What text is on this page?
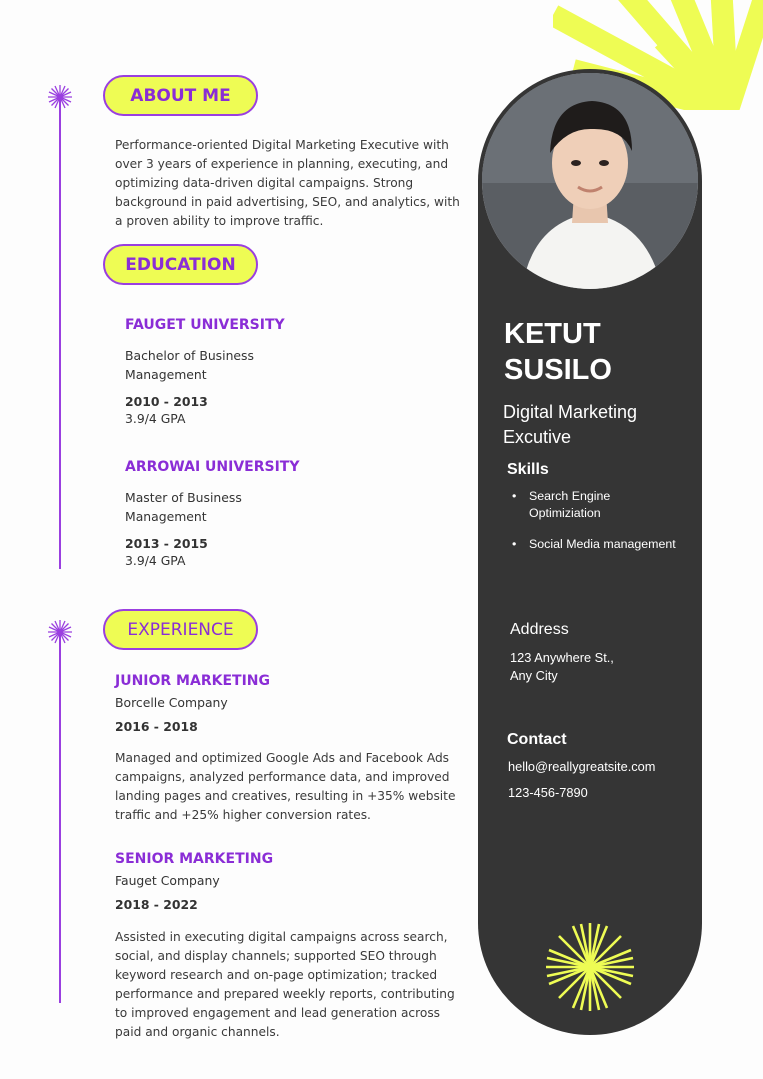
ABOUT ME
Performance-oriented Digital Marketing Executive with over 3 years of experience in planning, executing, and optimizing data-driven digital campaigns. Strong background in paid advertising, SEO, and analytics, with a proven ability to improve traffic.
EDUCATION
FAUGET UNIVERSITY
Bachelor of Business Management
2010 - 2013
3.9/4 GPA
ARROWAI UNIVERSITY
Master of Business Management
2013 - 2015
3.9/4 GPA
EXPERIENCE
JUNIOR MARKETING
Borcelle Company
2016 - 2018
Managed and optimized Google Ads and Facebook Ads campaigns, analyzed performance data, and improved landing pages and creatives, resulting in +35% website traffic and +25% higher conversion rates.
SENIOR MARKETING
Fauget Company
2018 - 2022
Assisted in executing digital campaigns across search, social, and display channels; supported SEO through keyword research and on-page optimization; tracked performance and prepared weekly reports, contributing to improved engagement and lead generation across paid and organic channels.
KETUT
SUSILO
Digital Marketing Excutive
Skills
• Search Engine Optimiziation
• Social Media management
Address
123 Anywhere St.,
Any City
Contact
hello@reallygreatsite.com
123-456-7890
